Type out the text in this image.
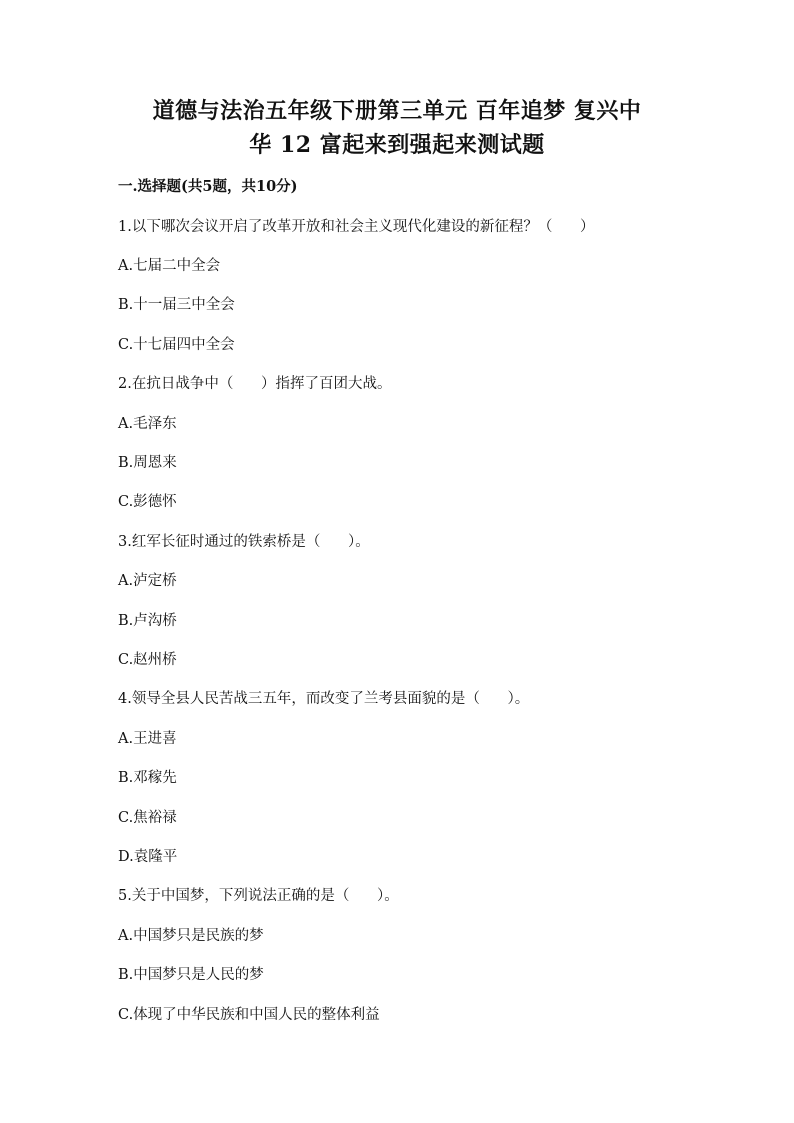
道德与法治五年级下册第三单元 百年追梦 复兴中
华 12 富起来到强起来测试题
一.选择题(共5题，共10分)
1.以下哪次会议开启了改革开放和社会主义现代化建设的新征程？（      ）
A.七届二中全会
B.十一届三中全会
C.十七届四中全会
2.在抗日战争中（      ）指挥了百团大战。
A.毛泽东
B.周恩来
C.彭德怀
3.红军长征时通过的铁索桥是（      ）。
A.泸定桥
B.卢沟桥
C.赵州桥
4.领导全县人民苦战三五年，而改变了兰考县面貌的是（      ）。
A.王进喜
B.邓稼先
C.焦裕禄
D.袁隆平
5.关于中国梦，下列说法正确的是（      ）。
A.中国梦只是民族的梦
B.中国梦只是人民的梦
C.体现了中华民族和中国人民的整体利益
